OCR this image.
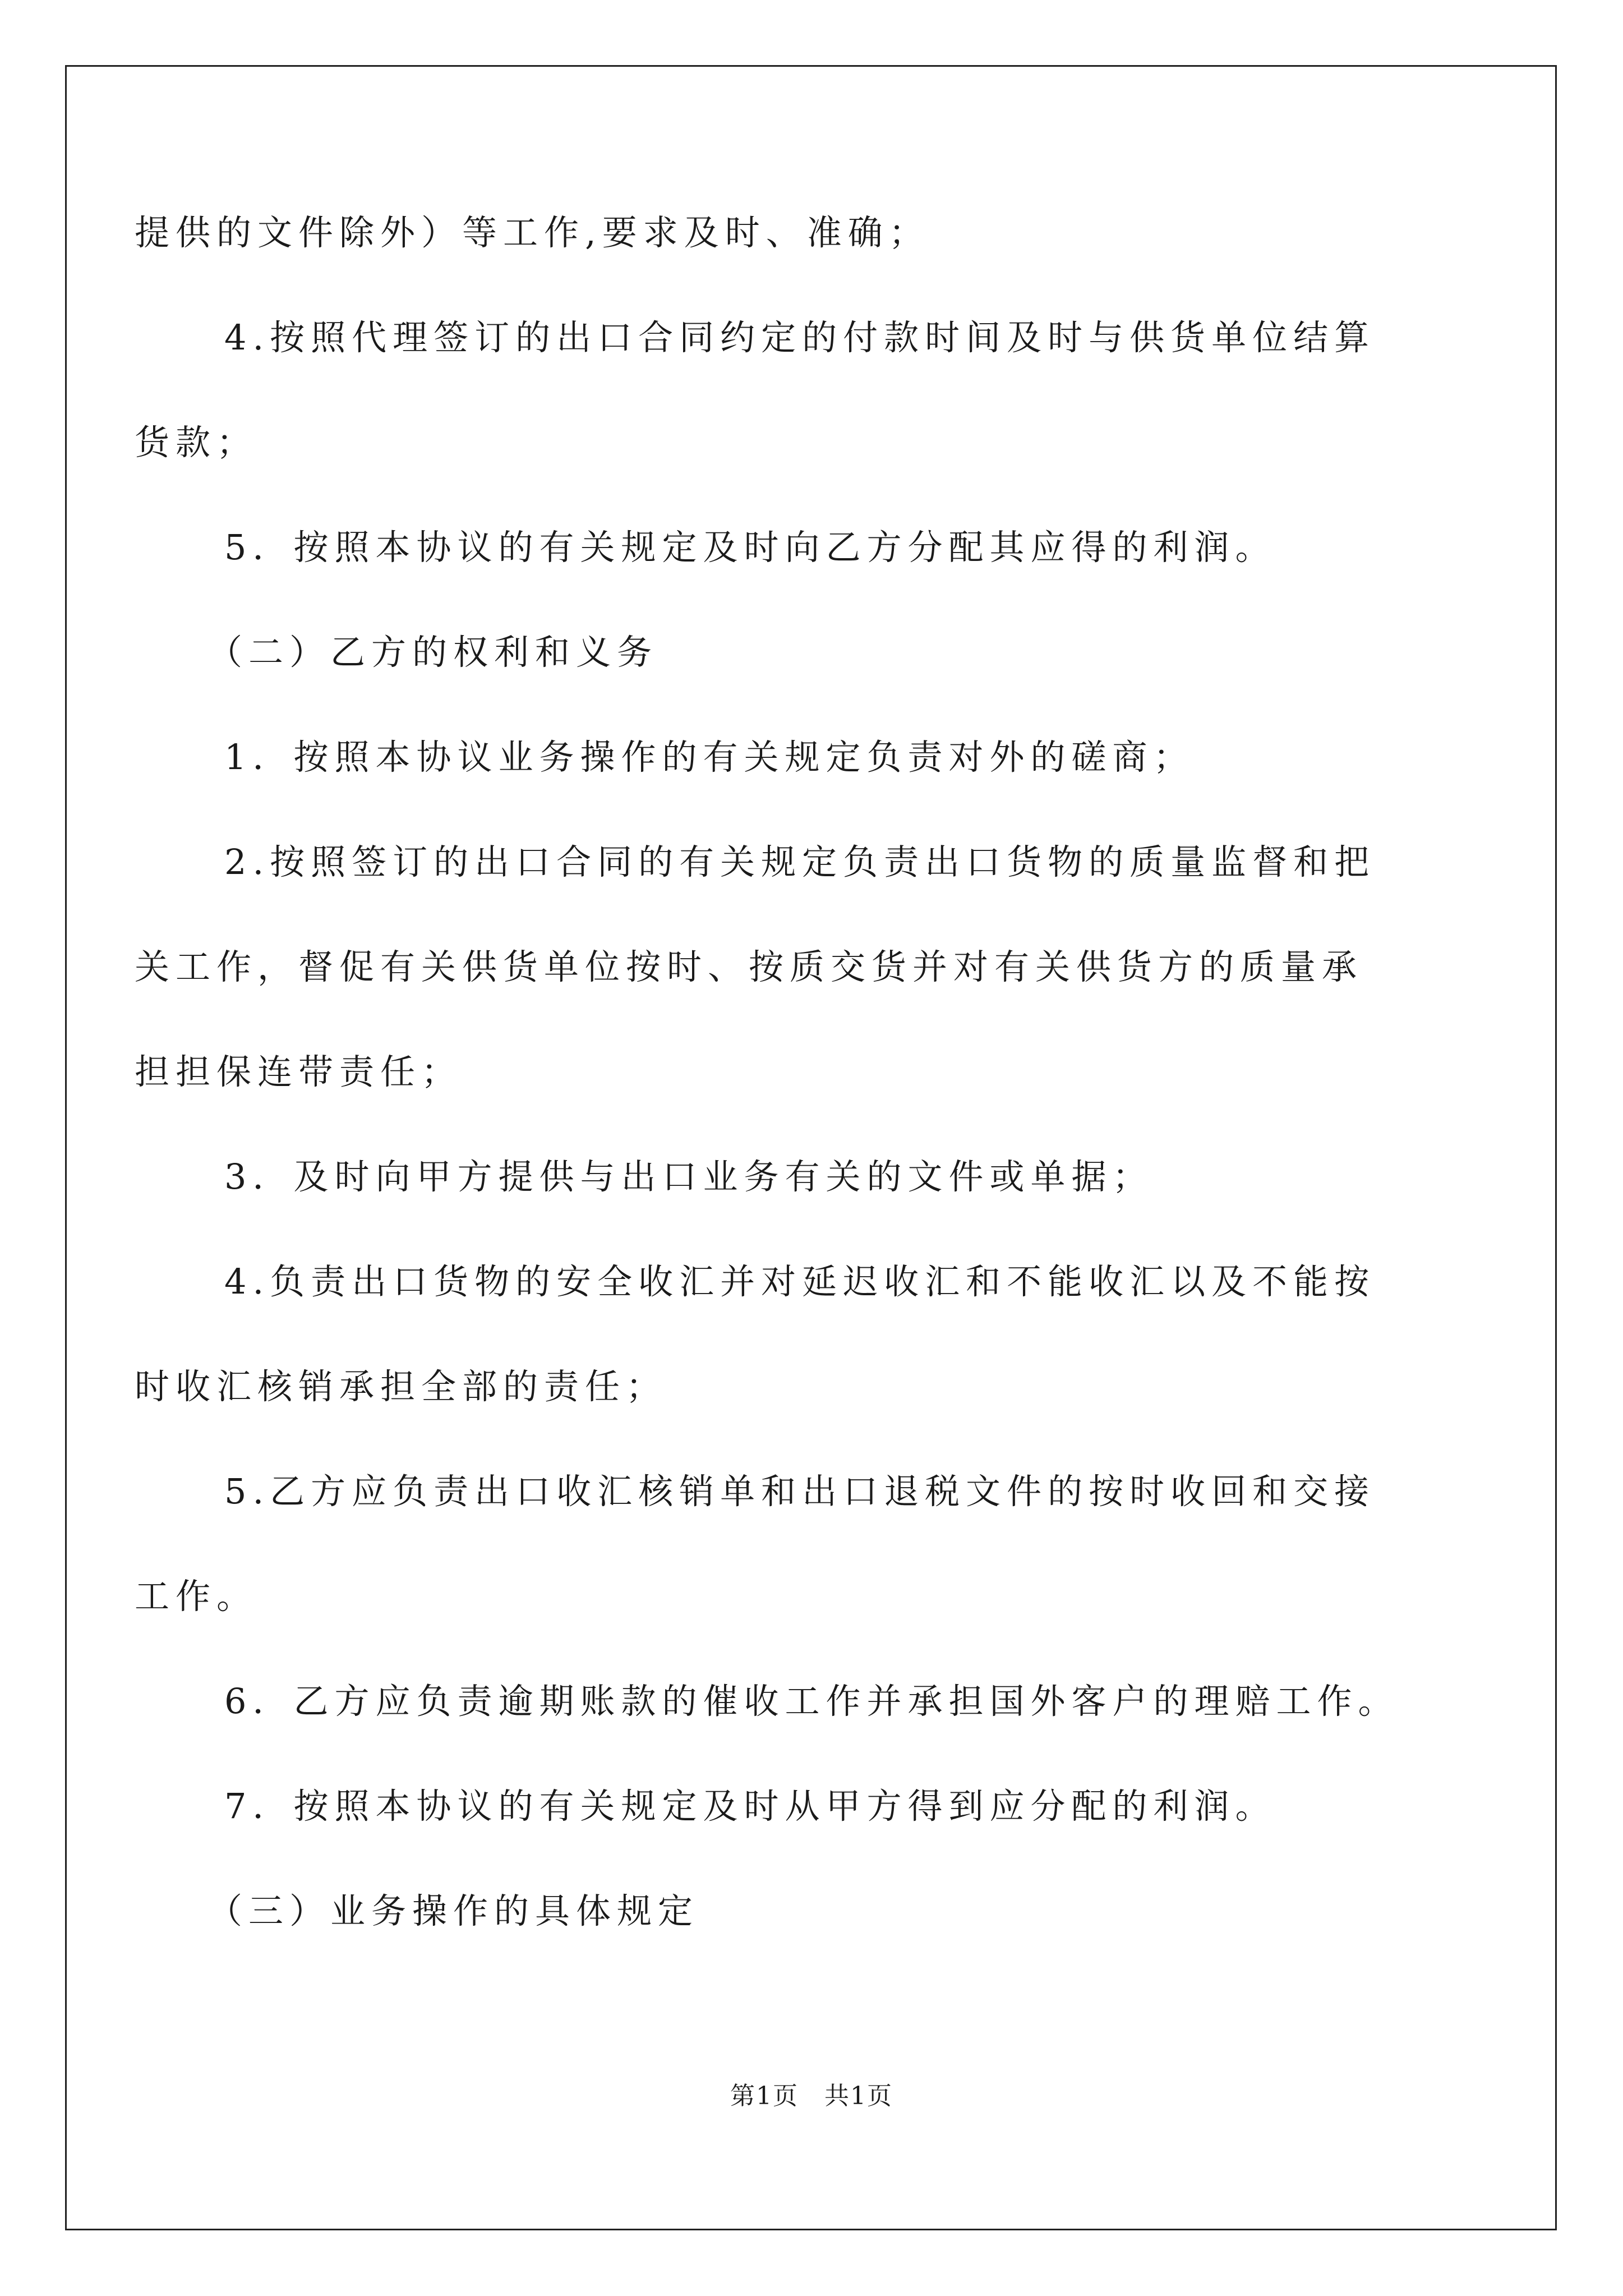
提供的文件除外）等工作,要求及时、准确；
4.按照代理签订的出口合同约定的付款时间及时与供货单位结算
货款；
5．按照本协议的有关规定及时向乙方分配其应得的利润。
（二）乙方的权利和义务
1．按照本协议业务操作的有关规定负责对外的磋商；
2.按照签订的出口合同的有关规定负责出口货物的质量监督和把
关工作，督促有关供货单位按时、按质交货并对有关供货方的质量承
担担保连带责任；
3．及时向甲方提供与出口业务有关的文件或单据；
4.负责出口货物的安全收汇并对延迟收汇和不能收汇以及不能按
时收汇核销承担全部的责任；
5.乙方应负责出口收汇核销单和出口退税文件的按时收回和交接
工作。
6．乙方应负责逾期账款的催收工作并承担国外客户的理赔工作。
7．按照本协议的有关规定及时从甲方得到应分配的利润。
（三）业务操作的具体规定
第1页　共1页
